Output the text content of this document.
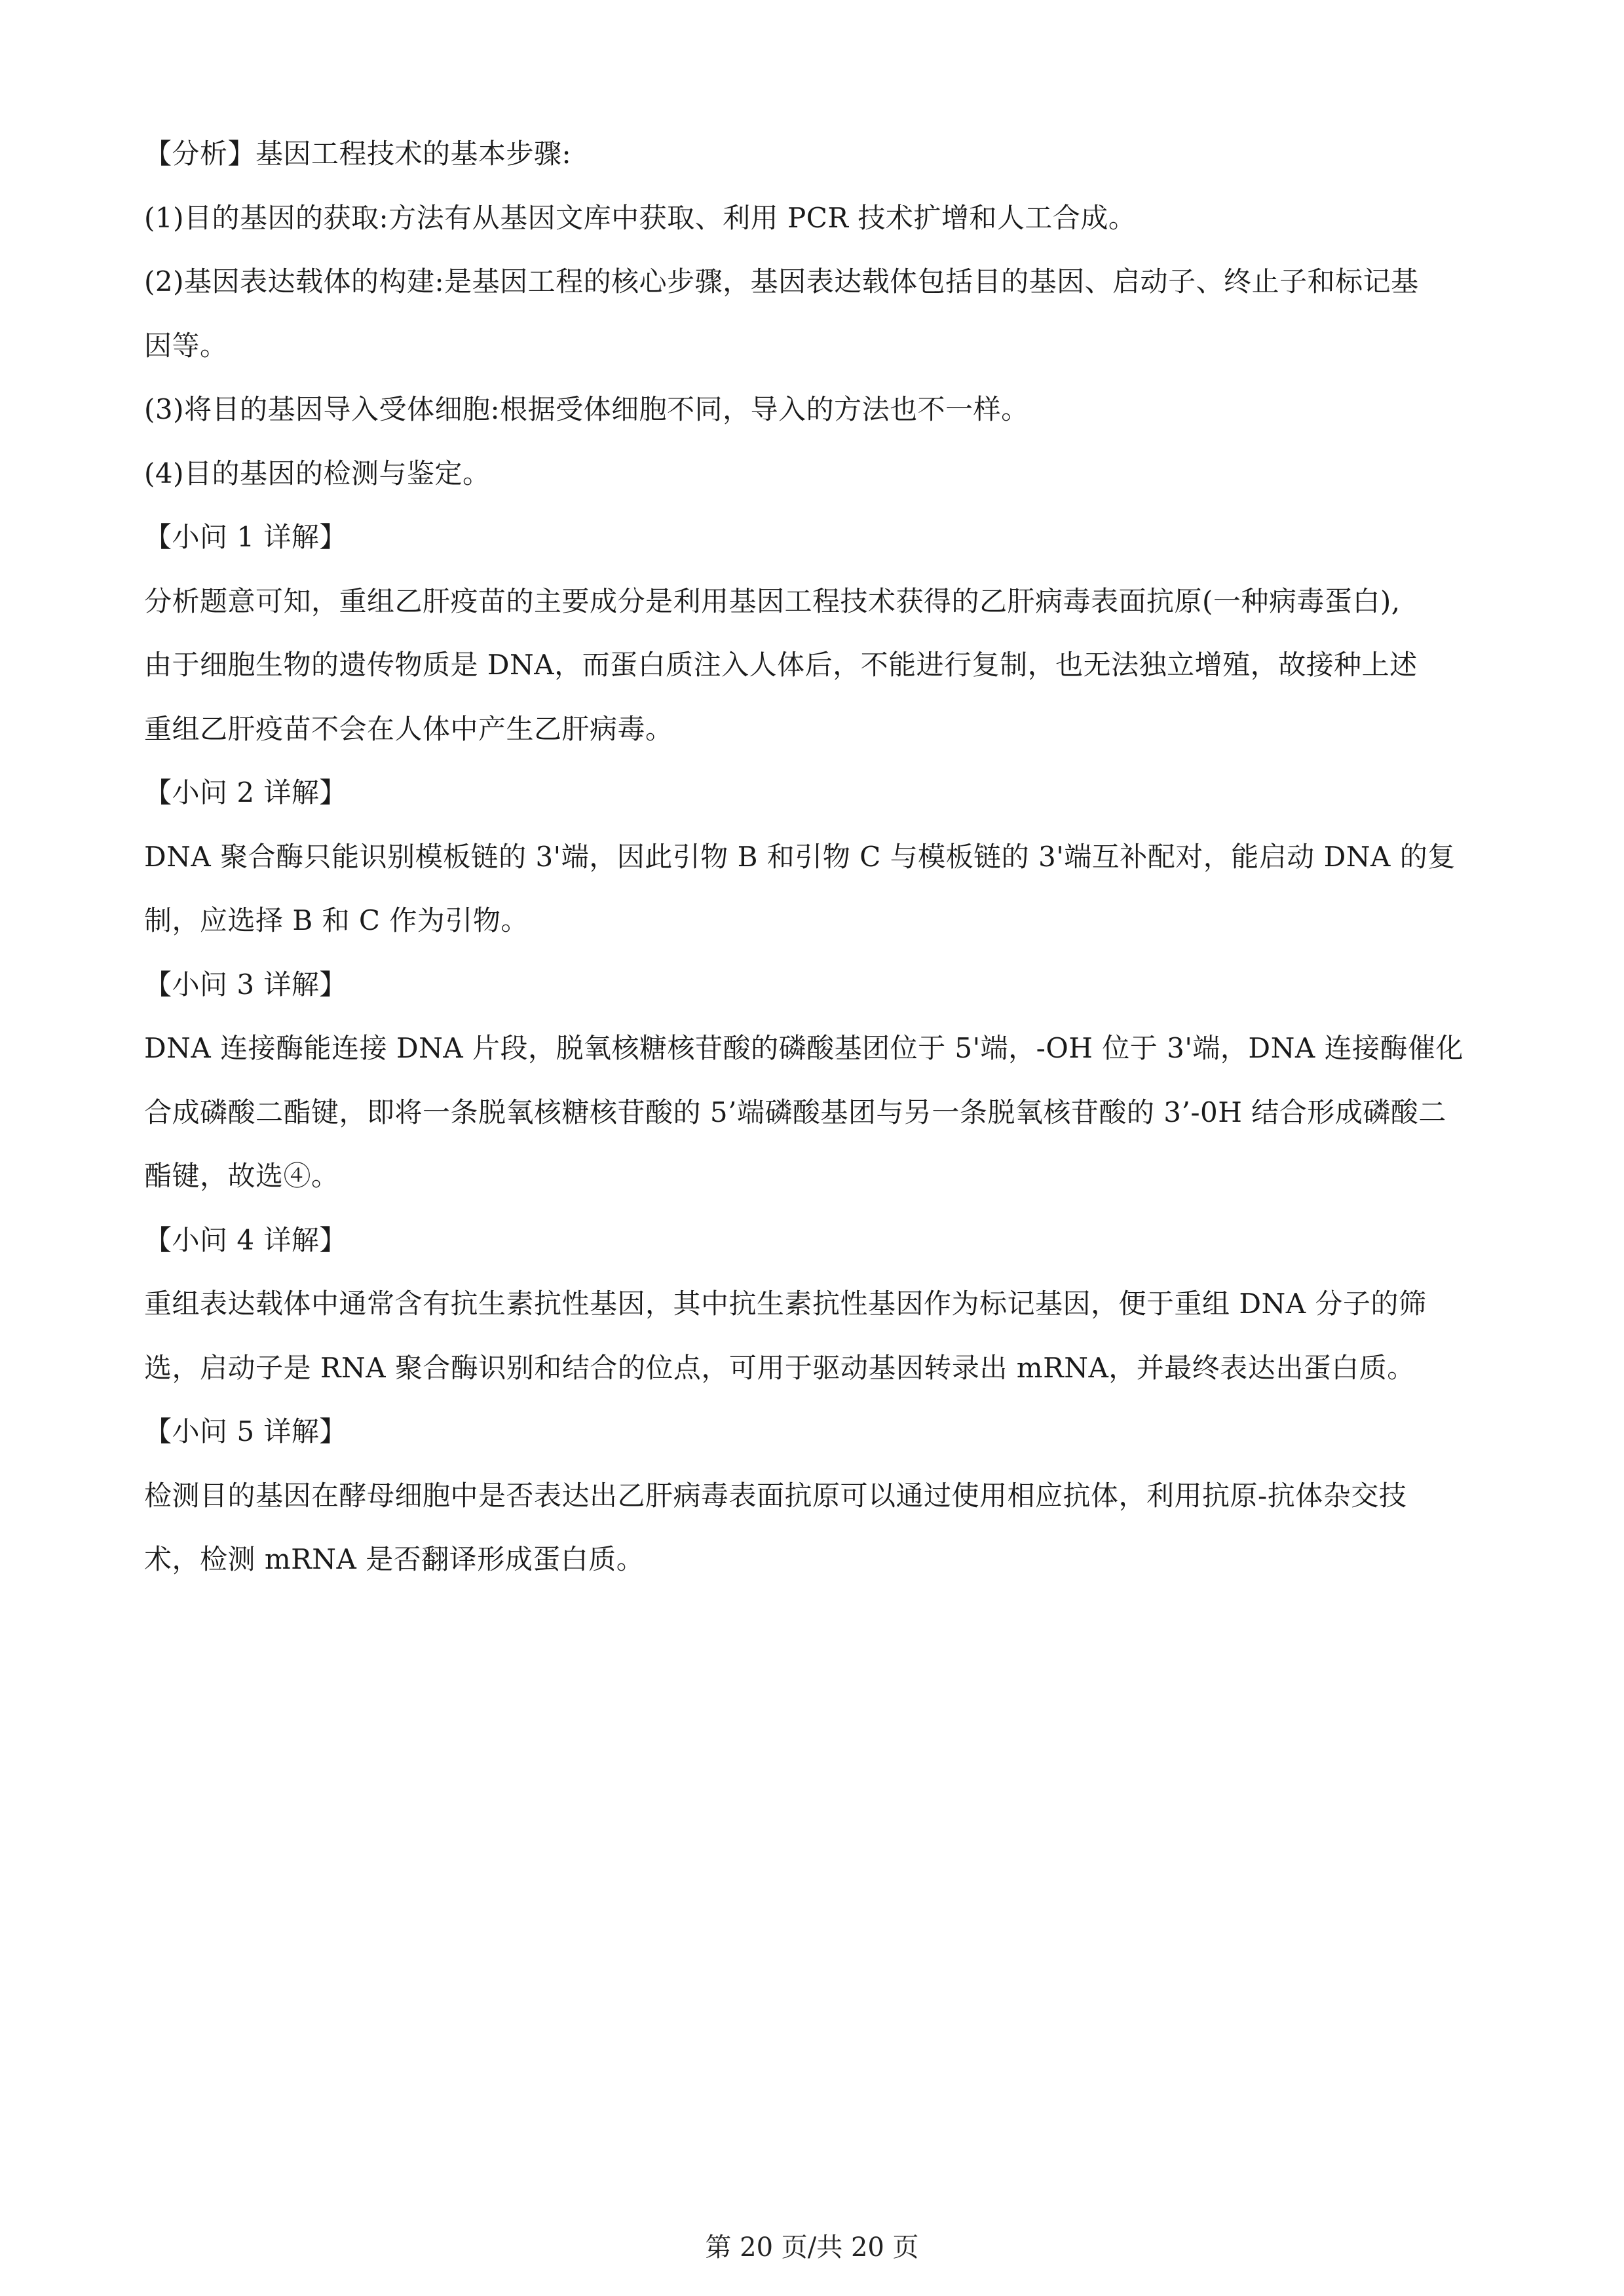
【分析】基因工程技术的基本步骤:
(1)目的基因的获取:方法有从基因文库中获取、利用 PCR 技术扩增和人工合成。
(2)基因表达载体的构建:是基因工程的核心步骤，基因表达载体包括目的基因、启动子、终止子和标记基
因等。
(3)将目的基因导入受体细胞:根据受体细胞不同，导入的方法也不一样。
(4)目的基因的检测与鉴定。
【小问 1 详解】
分析题意可知，重组乙肝疫苗的主要成分是利用基因工程技术获得的乙肝病毒表面抗原(一种病毒蛋白),
由于细胞生物的遗传物质是 DNA，而蛋白质注入人体后，不能进行复制，也无法独立增殖，故接种上述
重组乙肝疫苗不会在人体中产生乙肝病毒。
【小问 2 详解】
DNA 聚合酶只能识别模板链的 3'端，因此引物 B 和引物 C 与模板链的 3'端互补配对，能启动 DNA 的复
制，应选择 B 和 C 作为引物。
【小问 3 详解】
DNA 连接酶能连接 DNA 片段，脱氧核糖核苷酸的磷酸基团位于 5'端，-OH 位于 3'端，DNA 连接酶催化
合成磷酸二酯键，即将一条脱氧核糖核苷酸的 5’端磷酸基团与另一条脱氧核苷酸的 3’-0H 结合形成磷酸二
酯键，故选④。
【小问 4 详解】
重组表达载体中通常含有抗生素抗性基因，其中抗生素抗性基因作为标记基因，便于重组 DNA 分子的筛
选，启动子是 RNA 聚合酶识别和结合的位点，可用于驱动基因转录出 mRNA，并最终表达出蛋白质。
【小问 5 详解】
检测目的基因在酵母细胞中是否表达出乙肝病毒表面抗原可以通过使用相应抗体，利用抗原-抗体杂交技
术，检测 mRNA 是否翻译形成蛋白质。
第 20 页/共 20 页
